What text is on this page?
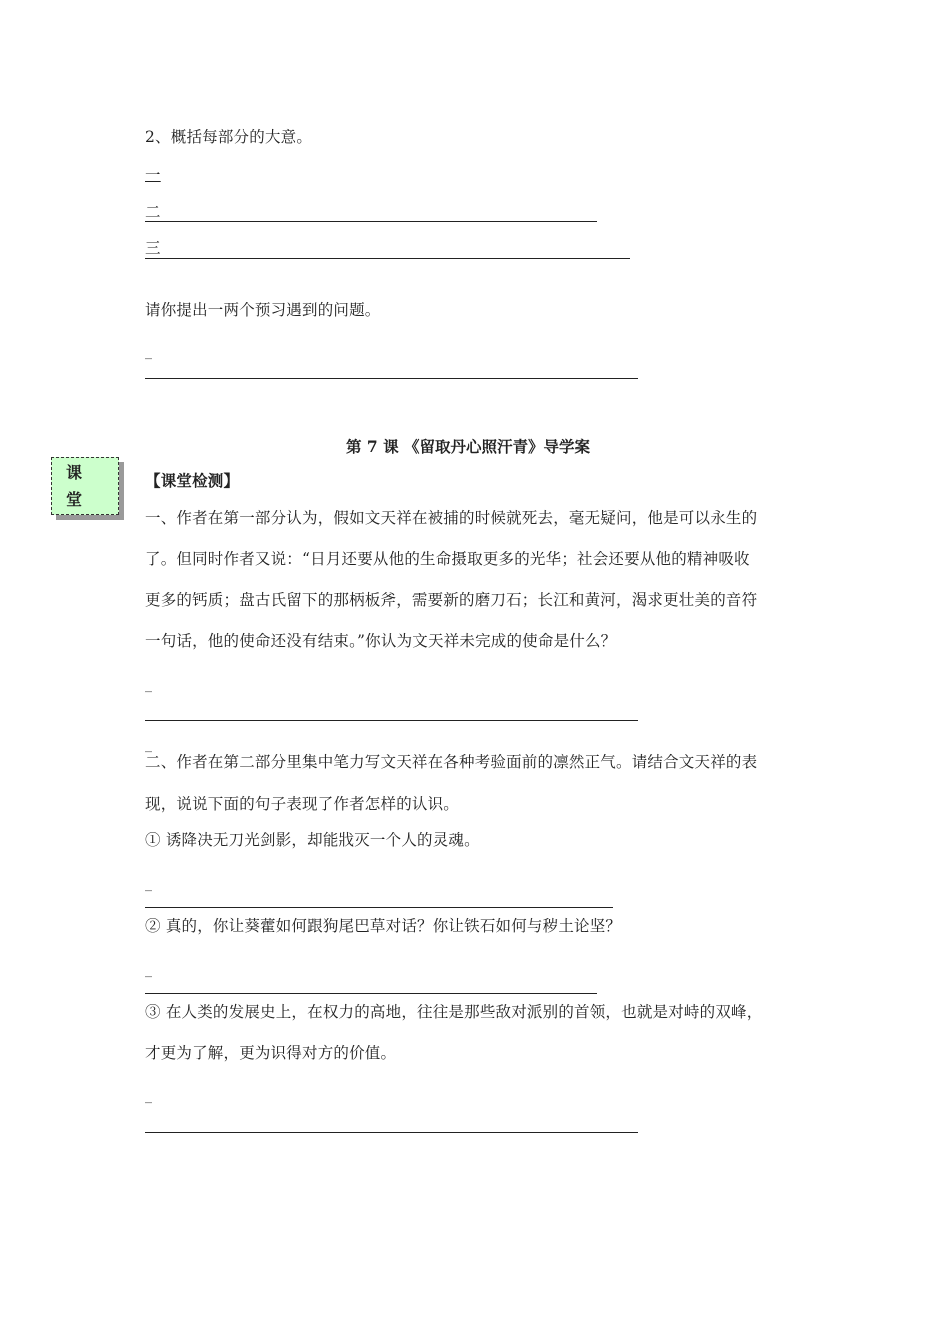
2、概括每部分的大意。
一
二
三
请你提出一两个预习遇到的问题。
_
第 7 课 《留取丹心照汗青》导学案
课
堂
【课堂检测】
一、作者在第一部分认为，假如文天祥在被捕的时候就死去，毫无疑问，他是可以永生的
了。但同时作者又说：“日月还要从他的生命摄取更多的光华；社会还要从他的精神吸收
更多的钙质；盘古氏留下的那柄板斧，需要新的磨刀石；长江和黄河，渴求更壮美的音符
一句话，他的使命还没有结束。”你认为文天祥未完成的使命是什么？
_
_
二、作者在第二部分里集中笔力写文天祥在各种考验面前的凛然正气。请结合文天祥的表
现，说说下面的句子表现了作者怎样的认识。
① 诱降决无刀光剑影，却能戕灭一个人的灵魂。
_
② 真的，你让葵藿如何跟狗尾巴草对话？你让铁石如何与秽土论坚？
_
③ 在人类的发展史上，在权力的高地，往往是那些敌对派别的首领，也就是对峙的双峰，
才更为了解，更为识得对方的价值。
_
